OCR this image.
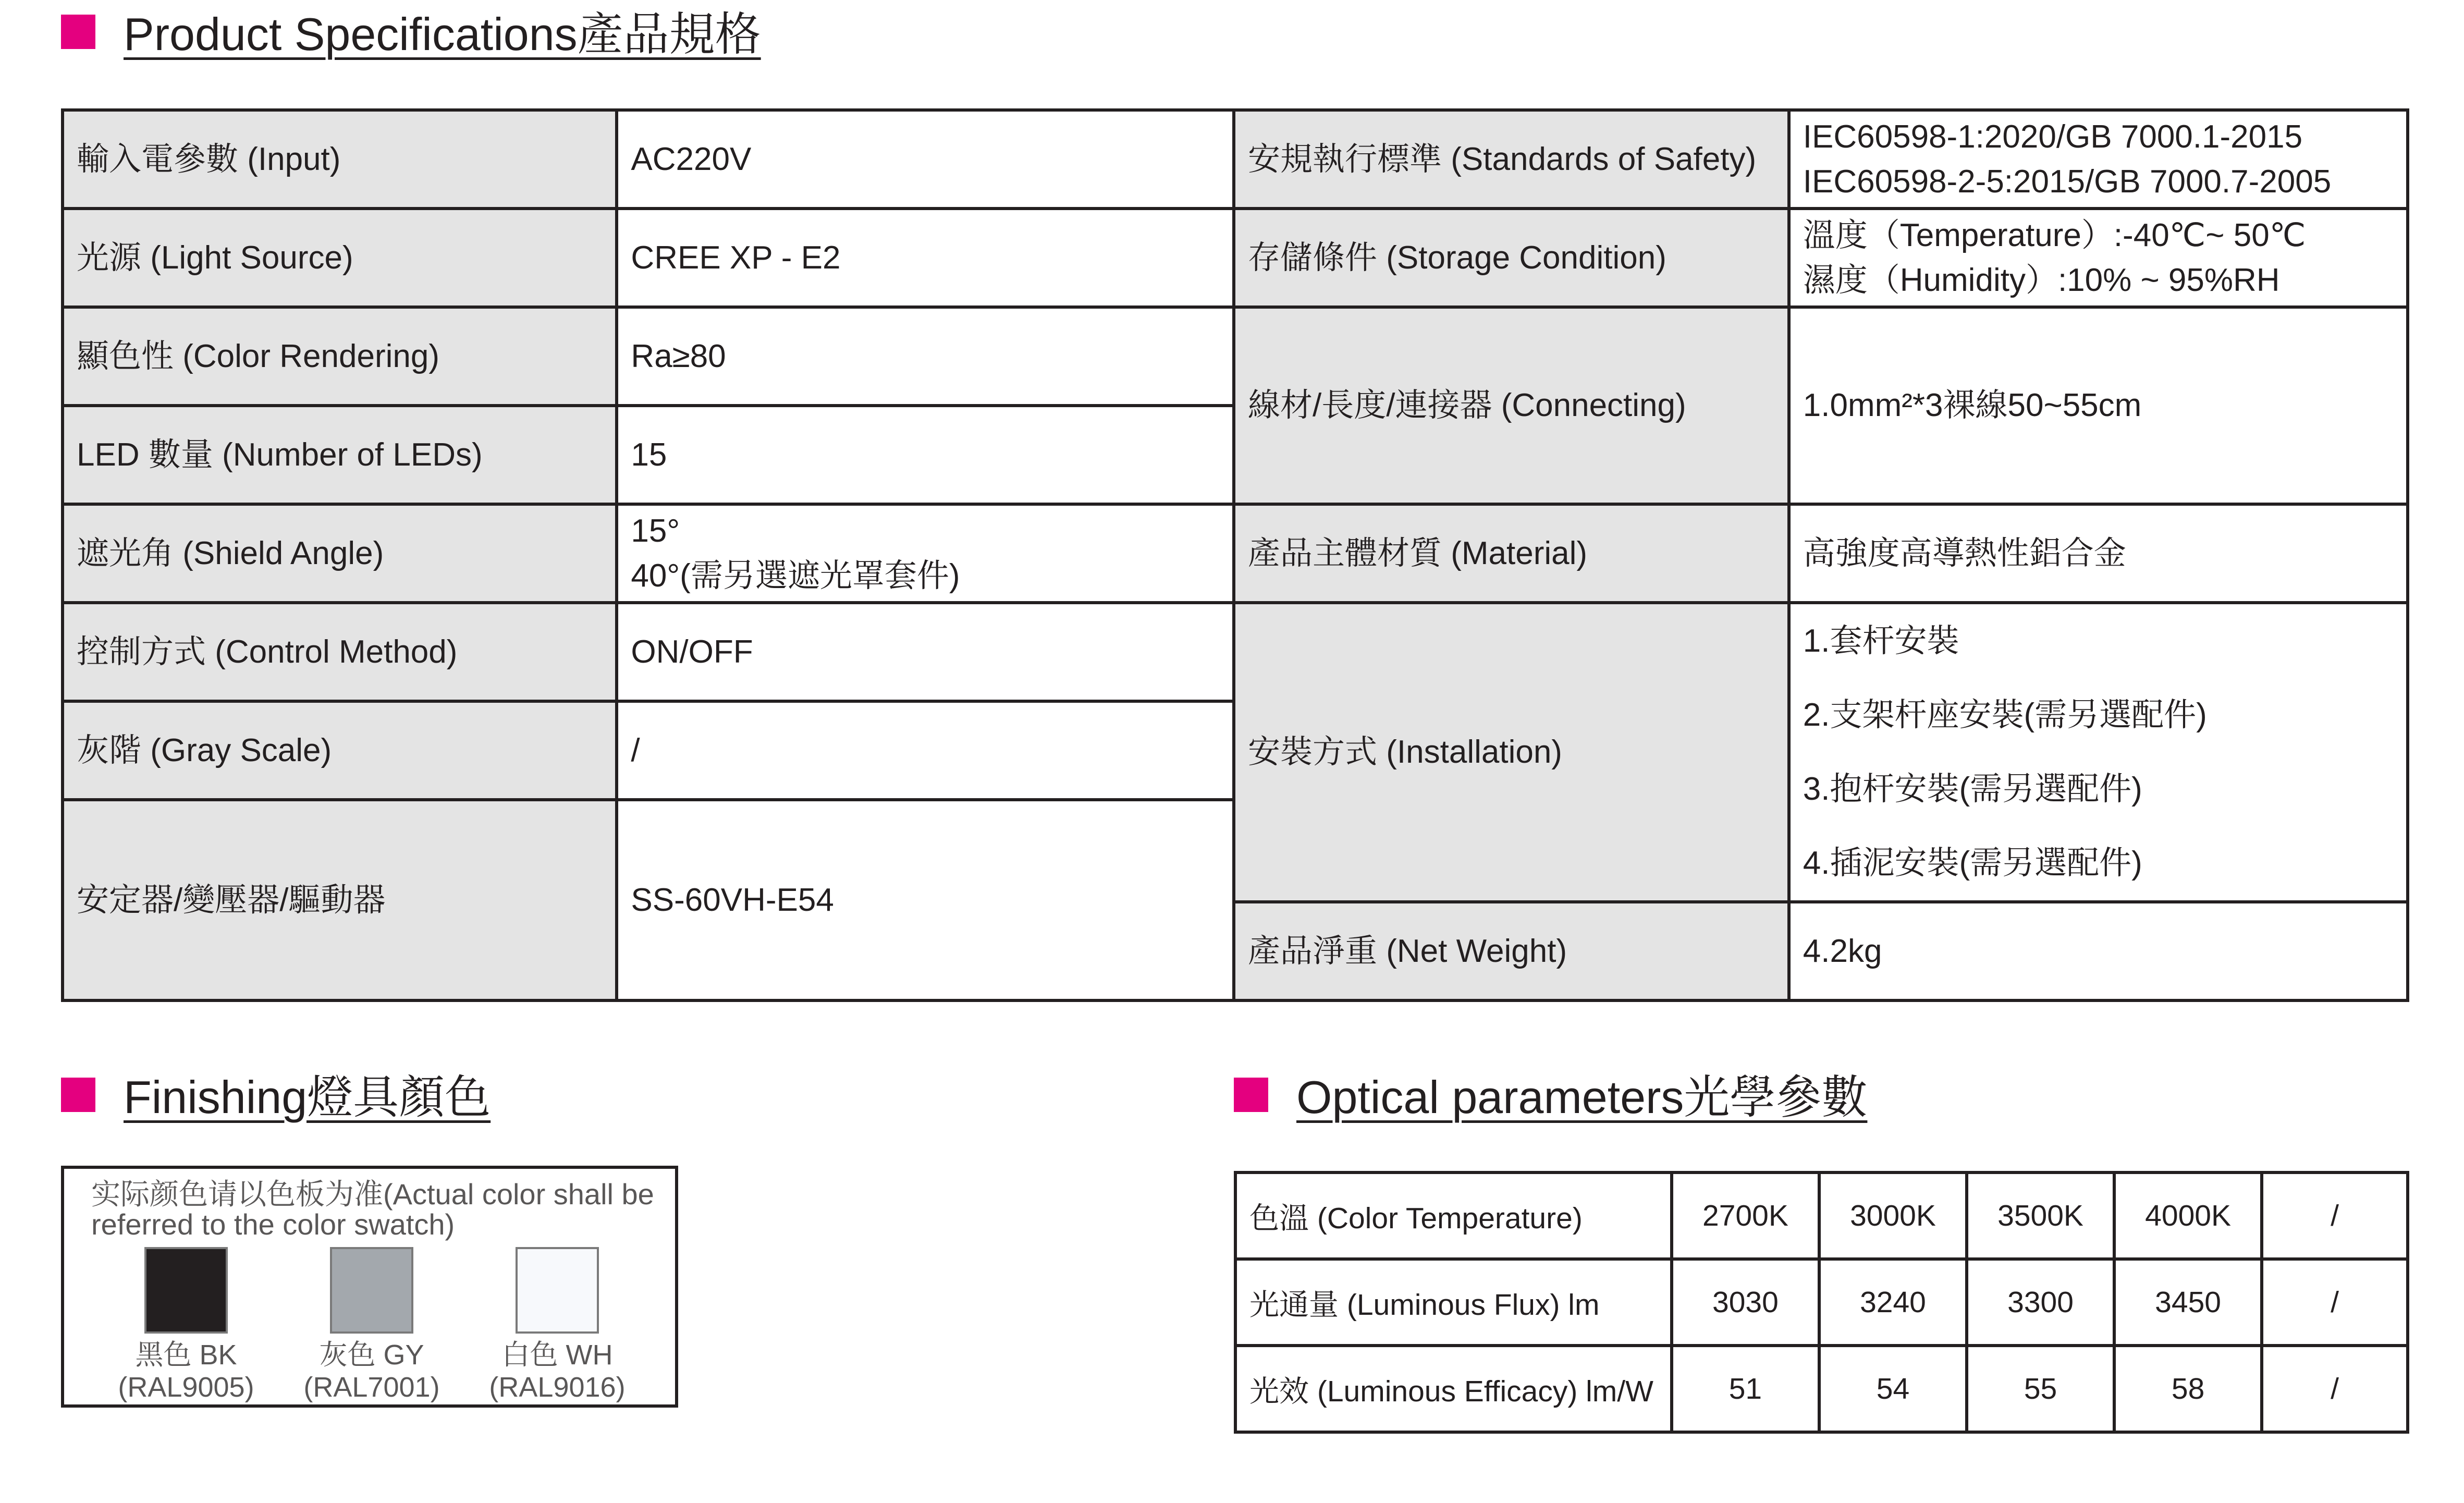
Product Specifications產品規格
輸入電參數 (Input)	AC220V	安規執行標準 (Standards of Safety)	IEC60598-1:2020/GB 7000.1-2015
IEC60598-2-5:2015/GB 7000.7-2005

光源 (Light Source)	CREE XP - E2	存儲條件 (Storage Condition)	溫度（Temperature）:-40℃~ 50℃
濕度（Humidity）:10% ~ 95%RH

顯色性 (Color Rendering)	Ra≥80	線材/長度/連接器 (Connecting)	1.0mm²*3裸線50~55cm
LED 數量 (Number of LEDs)	15		
遮光角 (Shield Angle)	15°
40°(需另選遮光罩套件)	產品主體材質 (Material)	高強度高導熱性鋁合金
控制方式 (Control Method)	ON/OFF	安裝方式 (Installation)	1.套杆安裝
2.支架杆座安裝(需另選配件)
3.抱杆安裝(需另選配件)
4.插泥安裝(需另選配件)

灰階 (Gray Scale)	/		
安定器/變壓器/驅動器	SS-60VH-E54		
		產品淨重 (Net Weight)	4.2kg
Finishing燈具顏色
实际颜色请以色板为准(Actual color shall be referred to the color swatch)
黑色 BK
(RAL9005)
灰色 GY
(RAL7001)
白色 WH
(RAL9016)
Optical parameters光學參數
色溫 (Color Temperature)	2700K	3000K	3500K	4000K	/
光通量 (Luminous Flux) lm	3030	3240	3300	3450	/
光效 (Luminous Efficacy) lm/W	51	54	55	58	/
